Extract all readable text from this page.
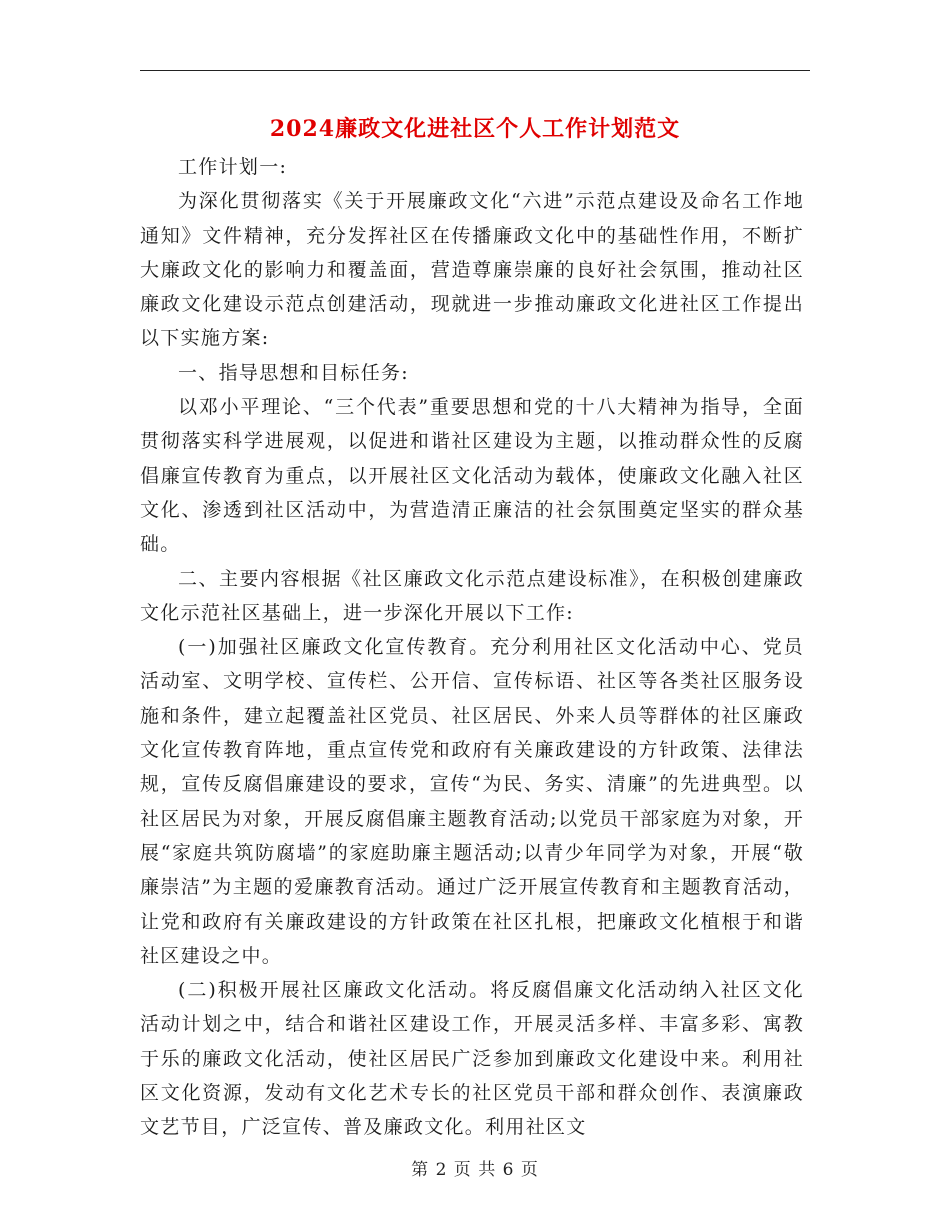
2024廉政文化进社区个人工作计划范文

工作计划一:

为深化贯彻落实《关于开展廉政文化“六进”示范点建设及命名工作地通知》文件精神，充分发挥社区在传播廉政文化中的基础性作用，不断扩大廉政文化的影响力和覆盖面，营造尊廉崇廉的良好社会氛围，推动社区廉政文化建设示范点创建活动，现就进一步推动廉政文化进社区工作提出以下实施方案:

一、指导思想和目标任务:

以邓小平理论、“三个代表”重要思想和党的十八大精神为指导，全面贯彻落实科学进展观，以促进和谐社区建设为主题，以推动群众性的反腐倡廉宣传教育为重点，以开展社区文化活动为载体，使廉政文化融入社区文化、渗透到社区活动中，为营造清正廉洁的社会氛围奠定坚实的群众基础。

二、主要内容根据《社区廉政文化示范点建设标准》，在积极创建廉政文化示范社区基础上，进一步深化开展以下工作:

(一)加强社区廉政文化宣传教育。充分利用社区文化活动中心、党员活动室、文明学校、宣传栏、公开信、宣传标语、社区等各类社区服务设施和条件，建立起覆盖社区党员、社区居民、外来人员等群体的社区廉政文化宣传教育阵地，重点宣传党和政府有关廉政建设的方针政策、法律法规，宣传反腐倡廉建设的要求，宣传“为民、务实、清廉”的先进典型。以社区居民为对象，开展反腐倡廉主题教育活动;以党员干部家庭为对象，开展“家庭共筑防腐墙”的家庭助廉主题活动;以青少年同学为对象，开展“敬廉崇洁”为主题的爱廉教育活动。通过广泛开展宣传教育和主题教育活动，让党和政府有关廉政建设的方针政策在社区扎根，把廉政文化植根于和谐社区建设之中。

(二)积极开展社区廉政文化活动。将反腐倡廉文化活动纳入社区文化活动计划之中，结合和谐社区建设工作，开展灵活多样、丰富多彩、寓教于乐的廉政文化活动，使社区居民广泛参加到廉政文化建设中来。利用社区文化资源，发动有文化艺术专长的社区党员干部和群众创作、表演廉政文艺节目，广泛宣传、普及廉政文化。利用社区文

第 2 页 共 6 页
